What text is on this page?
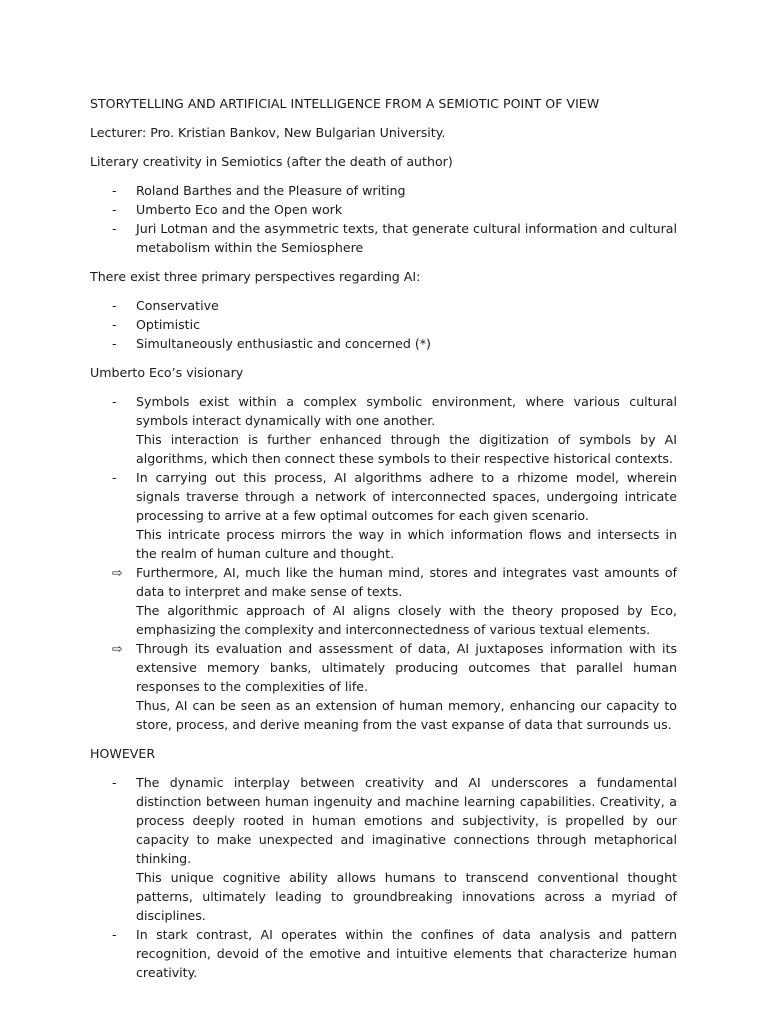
STORYTELLING AND ARTIFICIAL INTELLIGENCE FROM A SEMIOTIC POINT OF VIEW

Lecturer: Pro. Kristian Bankov, New Bulgarian University.

Literary creativity in Semiotics (after the death of author)

-	Roland Barthes and the Pleasure of writing
-	Umberto Eco and the Open work
-	Juri Lotman and the asymmetric texts, that generate cultural information and cultural metabolism within the Semiosphere

There exist three primary perspectives regarding AI:

-	Conservative
-	Optimistic
-	Simultaneously enthusiastic and concerned (*)

Umberto Eco’s visionary

-	Symbols exist within a complex symbolic environment, where various cultural symbols interact dynamically with one another.
This interaction is further enhanced through the digitization of symbols by AI algorithms, which then connect these symbols to their respective historical contexts.
-	In carrying out this process, AI algorithms adhere to a rhizome model, wherein signals traverse through a network of interconnected spaces, undergoing intricate processing to arrive at a few optimal outcomes for each given scenario.
This intricate process mirrors the way in which information flows and intersects in the realm of human culture and thought.
⇨	Furthermore, AI, much like the human mind, stores and integrates vast amounts of data to interpret and make sense of texts.
The algorithmic approach of AI aligns closely with the theory proposed by Eco, emphasizing the complexity and interconnectedness of various textual elements.
⇨	Through its evaluation and assessment of data, AI juxtaposes information with its extensive memory banks, ultimately producing outcomes that parallel human responses to the complexities of life.
Thus, AI can be seen as an extension of human memory, enhancing our capacity to store, process, and derive meaning from the vast expanse of data that surrounds us.

HOWEVER

-	The dynamic interplay between creativity and AI underscores a fundamental distinction between human ingenuity and machine learning capabilities. Creativity, a process deeply rooted in human emotions and subjectivity, is propelled by our capacity to make unexpected and imaginative connections through metaphorical thinking.
This unique cognitive ability allows humans to transcend conventional thought patterns, ultimately leading to groundbreaking innovations across a myriad of disciplines.
-	In stark contrast, AI operates within the confines of data analysis and pattern recognition, devoid of the emotive and intuitive elements that characterize human creativity.
